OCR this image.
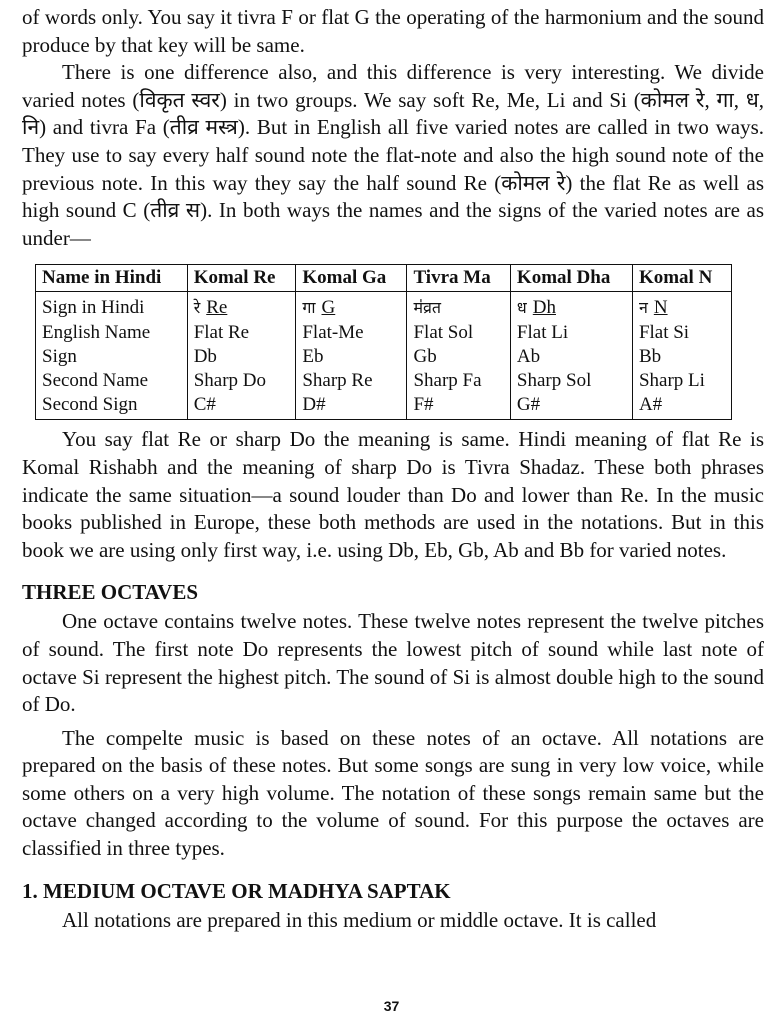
of words only. You say it tivra F or flat G the operating of the harmonium and the sound produce by that key will be same.

There is one difference also, and this difference is very interesting. We divide varied notes (विकृत स्वर) in two groups. We say soft Re, Me, Li and Si (कोमल रे, गा, ध, नि) and tivra Fa (तीव्र मस्त्र). But in English all five varied notes are called in two ways. They use to say every half sound note the flat-note and also the high sound note of the previous note. In this way they say the half sound Re (कोमल रे) the flat Re as well as high sound C (तीव्र स). In both ways the names and the signs of the varied notes are as under—

Name in Hindi	Komal Re	Komal Ga	Tivra Ma	Komal Dha	Komal N
Sign in Hindi	रे Re	गा G	म॑व्रत	ध Dh	न N
English Name	Flat Re	Flat-Me	Flat Sol	Flat Li	Flat Si
Sign	Db	Eb	Gb	Ab	Bb
Second Name	Sharp Do	Sharp Re	Sharp Fa	Sharp Sol	Sharp Li
Second Sign	C#	D#	F#	G#	A#

You say flat Re or sharp Do the meaning is same. Hindi meaning of flat Re is Komal Rishabh and the meaning of sharp Do is Tivra Shadaz. These both phrases indicate the same situation—a sound louder than Do and lower than Re. In the music books published in Europe, these both methods are used in the notations. But in this book we are using only first way, i.e. using Db, Eb, Gb, Ab and Bb for varied notes.

THREE OCTAVES

One octave contains twelve notes. These twelve notes represent the twelve pitches of sound. The first note Do represents the lowest pitch of sound while last note of octave Si represent the highest pitch. The sound of Si is almost double high to the sound of Do.

The compelte music is based on these notes of an octave. All notations are prepared on the basis of these notes. But some songs are sung in very low voice, while some others on a very high volume. The notation of these songs remain same but the octave changed according to the volume of sound. For this purpose the octaves are classified in three types.

1. MEDIUM OCTAVE OR MADHYA SAPTAK

All notations are prepared in this medium or middle octave. It is called

37
